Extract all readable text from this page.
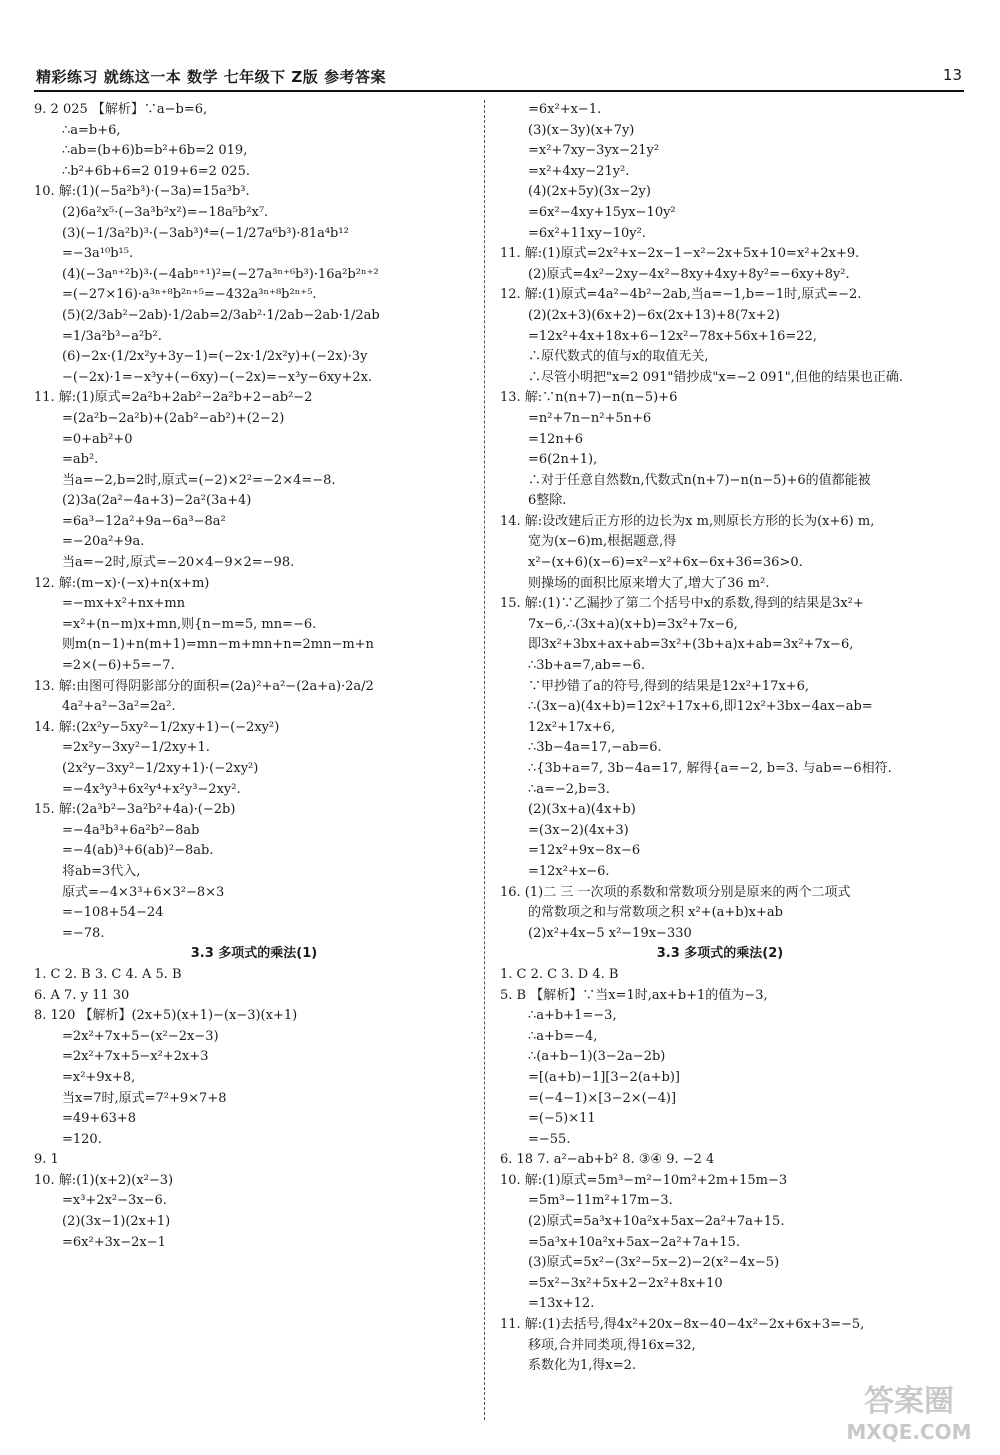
精彩练习 就练这一本 数学 七年级下 Z版 参考答案	13
9. 2 025 【解析】∵a−b=6,
∴a=b+6,
∴ab=(b+6)b=b²+6b=2 019,
∴b²+6b+6=2 019+6=2 025.
10. 解:(1)(−5a²b³)·(−3a)=15a³b³.
(2)6a²x⁵·(−3a³b²x²)=−18a⁵b²x⁷.
(3)(−1/3a²b)³·(−3ab³)⁴=(−1/27a⁶b³)·81a⁴b¹²
=−3a¹⁰b¹⁵.
(4)(−3aⁿ⁺²b)³·(−4abⁿ⁺¹)²=(−27a³ⁿ⁺⁶b³)·16a²b²ⁿ⁺²
=(−27×16)·a³ⁿ⁺⁸b²ⁿ⁺⁵=−432a³ⁿ⁺⁸b²ⁿ⁺⁵.
(5)(2/3ab²−2ab)·1/2ab=2/3ab²·1/2ab−2ab·1/2ab
=1/3a²b³−a²b².
(6)−2x·(1/2x²y+3y−1)=(−2x·1/2x²y)+(−2x)·3y
−(−2x)·1=−x³y+(−6xy)−(−2x)=−x³y−6xy+2x.
11. 解:(1)原式=2a²b+2ab²−2a²b+2−ab²−2
=(2a²b−2a²b)+(2ab²−ab²)+(2−2)
=0+ab²+0
=ab².
当a=−2,b=2时,原式=(−2)×2²=−2×4=−8.
(2)3a(2a²−4a+3)−2a²(3a+4)
=6a³−12a²+9a−6a³−8a²
=−20a²+9a.
当a=−2时,原式=−20×4−9×2=−98.
12. 解:(m−x)·(−x)+n(x+m)
=−mx+x²+nx+mn
=x²+(n−m)x+mn,则{n−m=5, mn=−6.
则m(n−1)+n(m+1)=mn−m+mn+n=2mn−m+n
=2×(−6)+5=−7.
13. 解:由图可得阴影部分的面积=(2a)²+a²−(2a+a)·2a/2
4a²+a²−3a²=2a².
14. 解:(2x²y−5xy²−1/2xy+1)−(−2xy²)
=2x²y−3xy²−1/2xy+1.
(2x²y−3xy²−1/2xy+1)·(−2xy²)
=−4x³y³+6x²y⁴+x²y³−2xy².
15. 解:(2a³b²−3a²b²+4a)·(−2b)
=−4a³b³+6a²b²−8ab
=−4(ab)³+6(ab)²−8ab.
将ab=3代入,
原式=−4×3³+6×3²−8×3
=−108+54−24
=−78.
3.3 多项式的乘法(1)
1. C 2. B 3. C 4. A 5. B
6. A 7. y 11 30
8. 120 【解析】(2x+5)(x+1)−(x−3)(x+1)
=2x²+7x+5−(x²−2x−3)
=2x²+7x+5−x²+2x+3
=x²+9x+8,
当x=7时,原式=7²+9×7+8
=49+63+8
=120.
9. 1
10. 解:(1)(x+2)(x²−3)
=x³+2x²−3x−6.
(2)(3x−1)(2x+1)
=6x²+3x−2x−1
=6x²+x−1.
(3)(x−3y)(x+7y)
=x²+7xy−3yx−21y²
=x²+4xy−21y².
(4)(2x+5y)(3x−2y)
=6x²−4xy+15yx−10y²
=6x²+11xy−10y².
11. 解:(1)原式=2x²+x−2x−1−x²−2x+5x+10=x²+2x+9.
(2)原式=4x²−2xy−4x²−8xy+4xy+8y²=−6xy+8y².
12. 解:(1)原式=4a²−4b²−2ab,当a=−1,b=−1时,原式=−2.
(2)(2x+3)(6x+2)−6x(2x+13)+8(7x+2)
=12x²+4x+18x+6−12x²−78x+56x+16=22,
∴原代数式的值与x的取值无关,
∴尽管小明把"x=2 091"错抄成"x=−2 091",但他的结果也正确.
13. 解:∵n(n+7)−n(n−5)+6
=n²+7n−n²+5n+6
=12n+6
=6(2n+1),
∴对于任意自然数n,代数式n(n+7)−n(n−5)+6的值都能被
6整除.
14. 解:设改建后正方形的边长为x m,则原长方形的长为(x+6) m,
宽为(x−6)m,根据题意,得
x²−(x+6)(x−6)=x²−x²+6x−6x+36=36>0.
则操场的面积比原来增大了,增大了36 m².
15. 解:(1)∵乙漏抄了第二个括号中x的系数,得到的结果是3x²+
7x−6,∴(3x+a)(x+b)=3x²+7x−6,
即3x²+3bx+ax+ab=3x²+(3b+a)x+ab=3x²+7x−6,
∴3b+a=7,ab=−6.
∵甲抄错了a的符号,得到的结果是12x²+17x+6,
∴(3x−a)(4x+b)=12x²+17x+6,即12x²+3bx−4ax−ab=
12x²+17x+6,
∴3b−4a=17,−ab=6.
∴{3b+a=7, 3b−4a=17, 解得{a=−2, b=3. 与ab=−6相符.
∴a=−2,b=3.
(2)(3x+a)(4x+b)
=(3x−2)(4x+3)
=12x²+9x−8x−6
=12x²+x−6.
16. (1)二 三 一次项的系数和常数项分别是原来的两个二项式
的常数项之和与常数项之积 x²+(a+b)x+ab
(2)x²+4x−5 x²−19x−330
3.3 多项式的乘法(2)
1. C 2. C 3. D 4. B
5. B 【解析】∵当x=1时,ax+b+1的值为−3,
∴a+b+1=−3,
∴a+b=−4,
∴(a+b−1)(3−2a−2b)
=[(a+b)−1][3−2(a+b)]
=(−4−1)×[3−2×(−4)]
=(−5)×11
=−55.
6. 18 7. a²−ab+b² 8. ③④ 9. −2 4
10. 解:(1)原式=5m³−m²−10m²+2m+15m−3
=5m³−11m²+17m−3.
(2)原式=5a³x+10a²x+5ax−2a²+7a+15.
=5a³x+10a²x+5ax−2a²+7a+15.
(3)原式=5x²−(3x²−5x−2)−2(x²−4x−5)
=5x²−3x²+5x+2−2x²+8x+10
=13x+12.
11. 解:(1)去括号,得4x²+20x−8x−40−4x²−2x+6x+3=−5,
移项,合并同类项,得16x=32,
系数化为1,得x=2.
答案圈
MXQE.COM
